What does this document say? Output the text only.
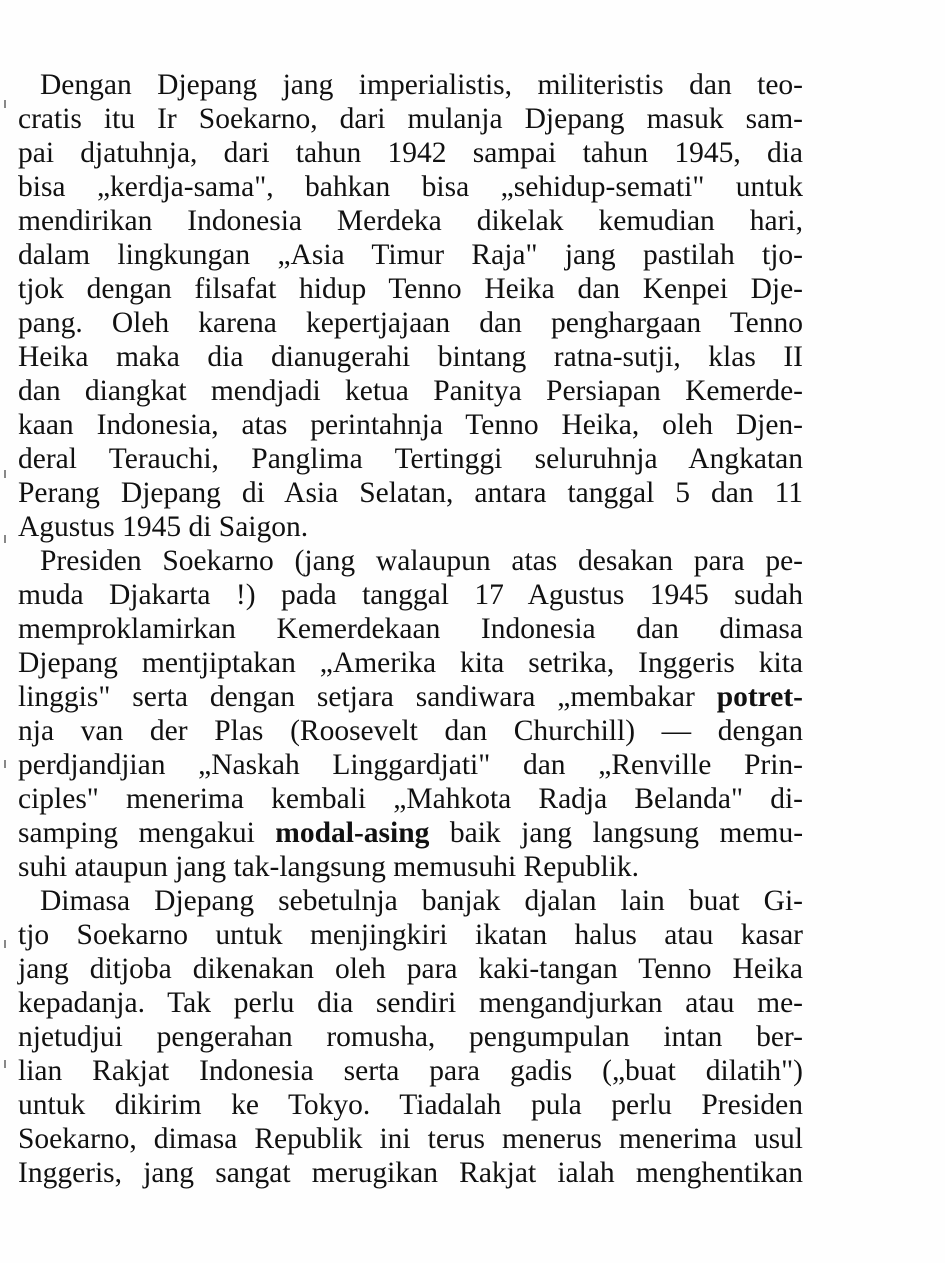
Dengan Djepang jang imperialistis, militeristis dan teo-
cratis itu Ir Soekarno, dari mulanja Djepang masuk sam-
pai djatuhnja, dari tahun 1942 sampai tahun 1945, dia
bisa „kerdja-sama", bahkan bisa „sehidup-semati" untuk
mendirikan Indonesia Merdeka dikelak kemudian hari,
dalam lingkungan „Asia Timur Raja" jang pastilah tjo-
tjok dengan filsafat hidup Tenno Heika dan Kenpei Dje-
pang. Oleh karena kepertjajaan dan penghargaan Tenno
Heika maka dia dianugerahi bintang ratna-sutji, klas II
dan diangkat mendjadi ketua Panitya Persiapan Kemerde-
kaan Indonesia, atas perintahnja Tenno Heika, oleh Djen-
deral Terauchi, Panglima Tertinggi seluruhnja Angkatan
Perang Djepang di Asia Selatan, antara tanggal 5 dan 11
Agustus 1945 di Saigon.
Presiden Soekarno (jang walaupun atas desakan para pe-
muda Djakarta !) pada tanggal 17 Agustus 1945 sudah
memproklamirkan Kemerdekaan Indonesia dan dimasa
Djepang mentjiptakan „Amerika kita setrika, Inggeris kita
linggis" serta dengan setjara sandiwara „membakar potret-
nja van der Plas (Roosevelt dan Churchill) — dengan
perdjandjian „Naskah Linggardjati" dan „Renville Prin-
ciples" menerima kembali „Mahkota Radja Belanda" di-
samping mengakui modal-asing baik jang langsung memu-
suhi ataupun jang tak-langsung memusuhi Republik.
Dimasa Djepang sebetulnja banjak djalan lain buat Gi-
tjo Soekarno untuk menjingkiri ikatan halus atau kasar
jang ditjoba dikenakan oleh para kaki-tangan Tenno Heika
kepadanja. Tak perlu dia sendiri mengandjurkan atau me-
njetudjui pengerahan romusha, pengumpulan intan ber-
lian Rakjat Indonesia serta para gadis („buat dilatih")
untuk dikirim ke Tokyo. Tiadalah pula perlu Presiden
Soekarno, dimasa Republik ini terus menerus menerima usul
Inggeris, jang sangat merugikan Rakjat ialah menghentikan
